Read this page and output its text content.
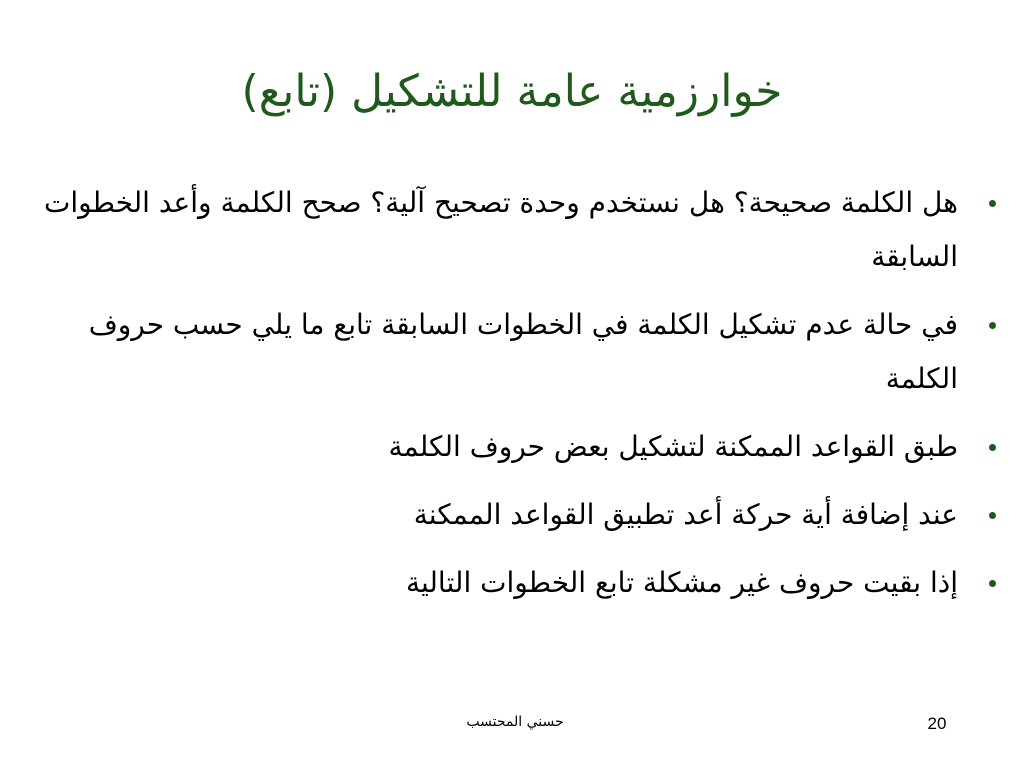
خوارزمية عامة للتشكيل (تابع)
هل الكلمة صحيحة؟ هل نستخدم وحدة تصحيح آلية؟ صحح الكلمة وأعد الخطوات السابقة
في حالة عدم تشكيل الكلمة في الخطوات السابقة تابع ما يلي حسب حروف الكلمة
طبق القواعد الممكنة لتشكيل بعض حروف الكلمة
عند إضافة أية حركة أعد تطبيق القواعد الممكنة
إذا بقيت حروف غير مشكلة تابع الخطوات التالية
حسني المحتسب	20
